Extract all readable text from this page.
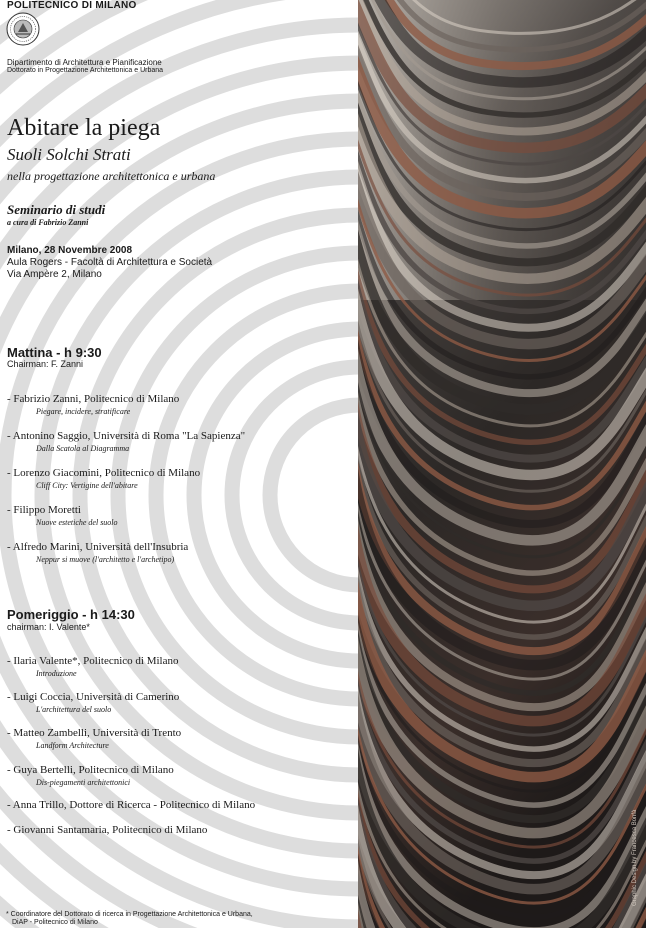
POLITECNICO DI MILANO
Dipartimento di Architettura e Pianificazione
Dottorato in Progettazione Architettonica e Urbana
Abitare la piega
Suoli Solchi Strati
nella progettazione architettonica e urbana
Seminario di studi
a cura di Fabrizio Zanni
Milano, 28 Novembre 2008
Aula Rogers - Facoltà di Architettura e Società
Via Ampère 2, Milano
Mattina - h 9:30
Chairman: F. Zanni
- Fabrizio Zanni, Politecnico di Milano
Piegare, incidere, stratificare
- Antonino Saggio, Università di Roma "La Sapienza"
Dalla Scatola al Diagramma
- Lorenzo Giacomini, Politecnico di Milano
Cliff City: Vertigine dell'abitare
- Filippo Moretti
Nuove estetiche del suolo
- Alfredo Marini, Università dell'Insubria
Neppur si muove (l'architetto e l'archetipo)
Pomeriggio - h 14:30
chairman: I. Valente*
- Ilaria Valente*, Politecnico di Milano
Introduzione
- Luigi Coccia, Università di Camerino
L'architettura del suolo
- Matteo Zambelli, Università di Trento
Landform Architecture
- Guya Bertelli, Politecnico di Milano
Dis-piegamenti architettonici
- Anna Trillo, Dottore di Ricerca - Politecnico di Milano
- Giovanni Santamaria, Politecnico di Milano
* Coordinatore del Dottorato di ricerca in Progettazione Architettonica e Urbana,
DiAP - Politecnico di Milano
Graphic Design by Francesca Bonfà
